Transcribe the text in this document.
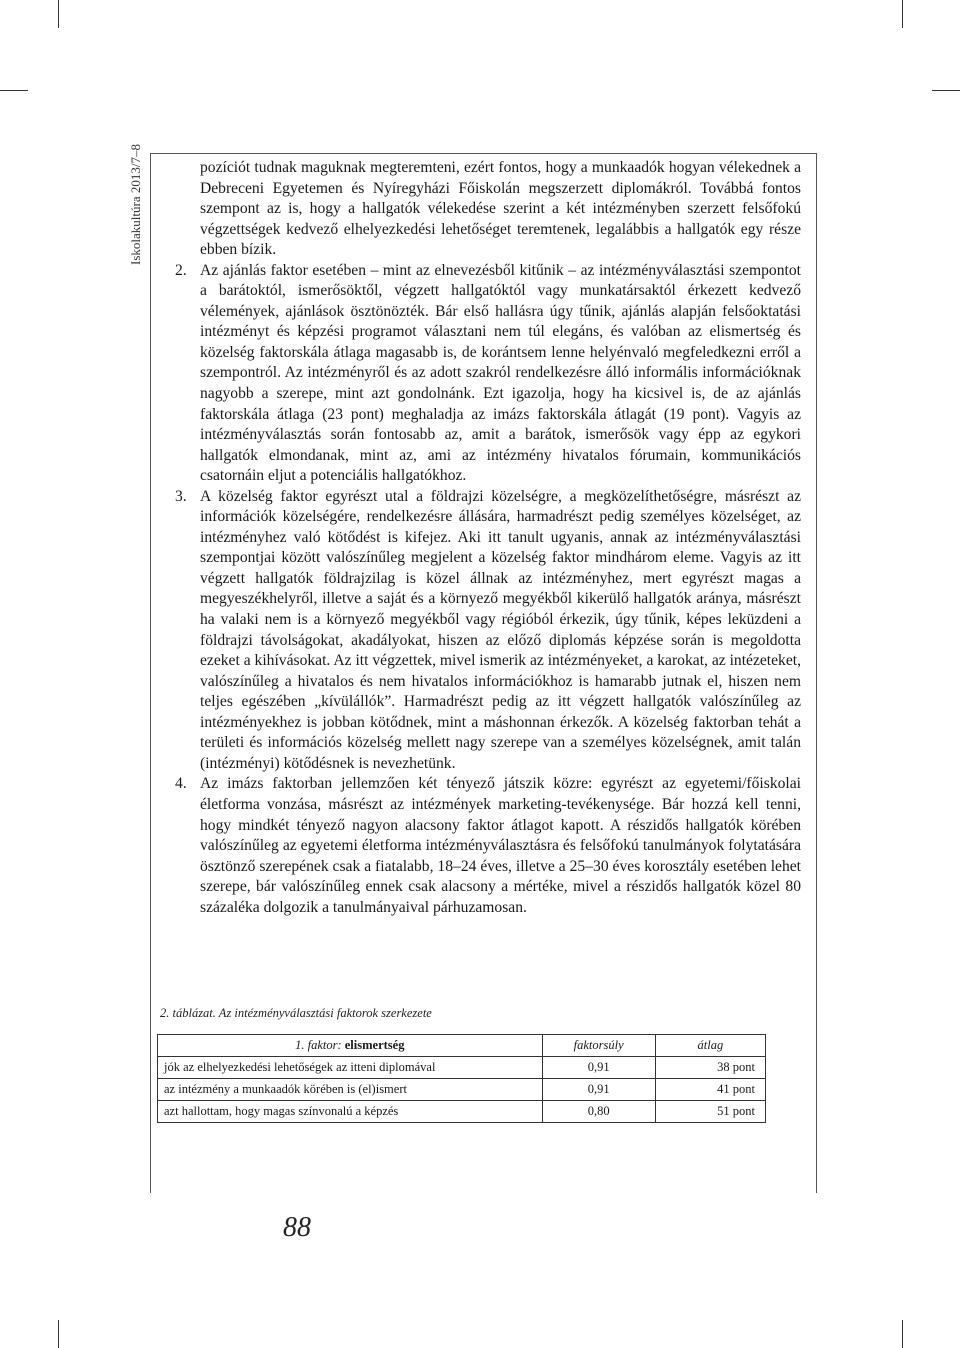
Iskolakultúra 2013/7–8	pozíciót tudnak maguknak megteremteni, ezért fontos, hogy a munkaadók hogyan vélekednek a Debreceni Egyetemen és Nyíregyházi Főiskolán megszerzett diplomákról. Továbbá fontos szempont az is, hogy a hallgatók vélekedése szerint a két intézményben szerzett felsőfokú végzettségek kedvező elhelyezkedési lehetőséget teremtenek, legalábbis a hallgatók egy része ebben bízik.

2. Az ajánlás faktor esetében – mint az elnevezésből kitűnik – az intézményválasztási szempontot a barátoktól, ismerősöktől, végzett hallgatóktól vagy munkatársaktól érkezett kedvező vélemények, ajánlások ösztönözték. Bár első hallásra úgy tűnik, ajánlás alapján felsőoktatási intézményt és képzési programot választani nem túl elegáns, és valóban az elismertség és közelség faktorskála átlaga magasabb is, de korántsem lenne helyénvaló megfeledkezni erről a szempontról. Az intézményről és az adott szakról rendelkezésre álló informális információknak nagyobb a szerepe, mint azt gondolnánk. Ezt igazolja, hogy ha kicsivel is, de az ajánlás faktorskála átlaga (23 pont) meghaladja az imázs faktorskála átlagát (19 pont). Vagyis az intézményválasztás során fontosabb az, amit a barátok, ismerősök vagy épp az egykori hallgatók elmondanak, mint az, ami az intézmény hivatalos fórumain, kommunikációs csatornáin eljut a potenciális hallgatókhoz.

3. A közelség faktor egyrészt utal a földrajzi közelségre, a megközelíthetőségre, másrészt az információk közelségére, rendelkezésre állására, harmadrészt pedig személyes közelséget, az intézményhez való kötődést is kifejez. Aki itt tanult ugyanis, annak az intézményválasztási szempontjai között valószínűleg megjelent a közelség faktor mindhárom eleme. Vagyis az itt végzett hallgatók földrajzilag is közel állnak az intézményhez, mert egyrészt magas a megyeszékhelyről, illetve a saját és a környező megyékből kikerülő hallgatók aránya, másrészt ha valaki nem is a környező megyékből vagy régióból érkezik, úgy tűnik, képes leküzdeni a földrajzi távolságokat, akadályokat, hiszen az előző diplomás képzése során is megoldotta ezeket a kihívásokat. Az itt végzettek, mivel ismerik az intézményeket, a karokat, az intézeteket, valószínűleg a hivatalos és nem hivatalos információkhoz is hamarabb jutnak el, hiszen nem teljes egészében „kívülállók”. Harmadrészt pedig az itt végzett hallgatók valószínűleg az intézményekhez is jobban kötődnek, mint a máshonnan érkezők. A közelség faktorban tehát a területi és információs közelség mellett nagy szerepe van a személyes közelségnek, amit talán (intézményi) kötődésnek is nevezhetünk.

4. Az imázs faktorban jellemzően két tényező játszik közre: egyrészt az egyetemi/főiskolai életforma vonzása, másrészt az intézmények marketing-tevékenysége. Bár hozzá kell tenni, hogy mindkét tényező nagyon alacsony faktor átlagot kapott. A részidős hallgatók körében valószínűleg az egyetemi életforma intézményválasztásra és felsőfokú tanulmányok folytatására ösztönző szerepének csak a fiatalabb, 18–24 éves, illetve a 25–30 éves korosztály esetében lehet szerepe, bár valószínűleg ennek csak alacsony a mértéke, mivel a részidős hallgatók közel 80 százaléka dolgozik a tanulmányaival párhuzamosan.

2. táblázat. Az intézményválasztási faktorok szerkezete
1. faktor: elismertség	faktorsúly	átlag
jók az elhelyezkedési lehetőségek az itteni diplomával	0,91	38 pont
az intézmény a munkaadók körében is (el)ismert	0,91	41 pont
azt hallottam, hogy magas színvonalú a képzés	0,80	51 pont
88
